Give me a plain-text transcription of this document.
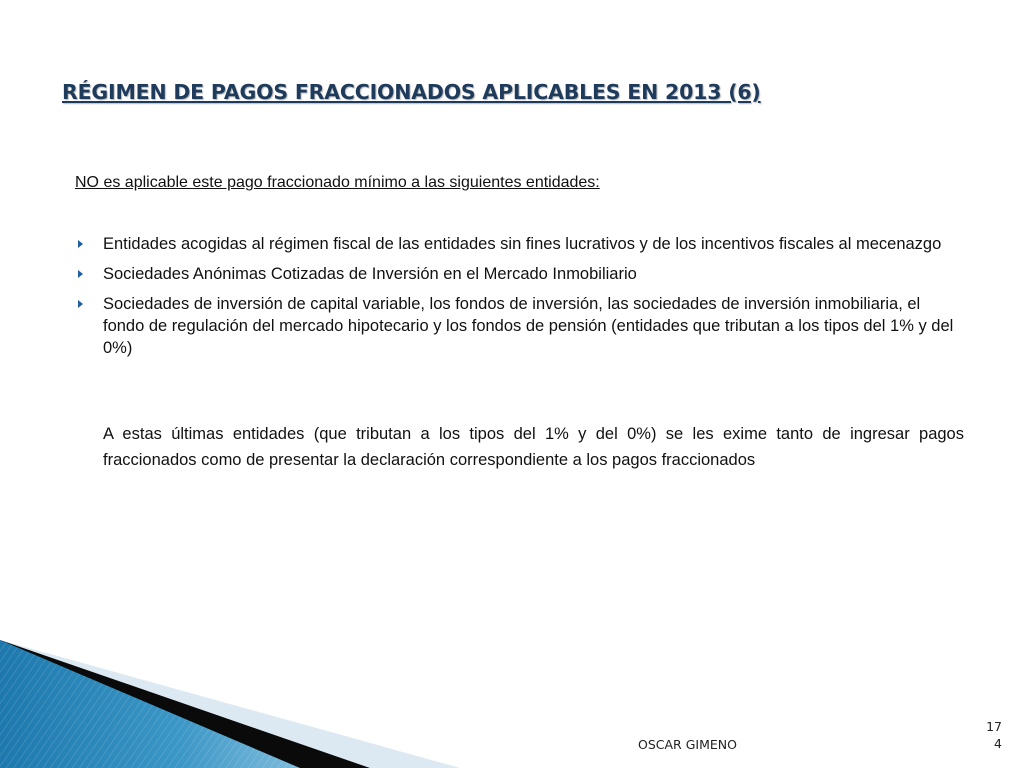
RÉGIMEN DE PAGOS FRACCIONADOS APLICABLES EN 2013 (6)
NO es aplicable este pago fraccionado mínimo a las siguientes entidades:
Entidades acogidas al régimen fiscal de las entidades sin fines lucrativos y de los incentivos fiscales al mecenazgo
Sociedades Anónimas Cotizadas de Inversión en el Mercado Inmobiliario
Sociedades de inversión de capital variable, los fondos de inversión, las sociedades de inversión inmobiliaria, el fondo de regulación del mercado hipotecario y los fondos de pensión (entidades que tributan a los tipos del 1% y del 0%)

A estas últimas entidades (que tributan a los tipos del 1% y del 0%) se les exime tanto de ingresar pagos fraccionados como de presentar la declaración correspondiente a los pagos fraccionados

OSCAR GIMENO
17
4
